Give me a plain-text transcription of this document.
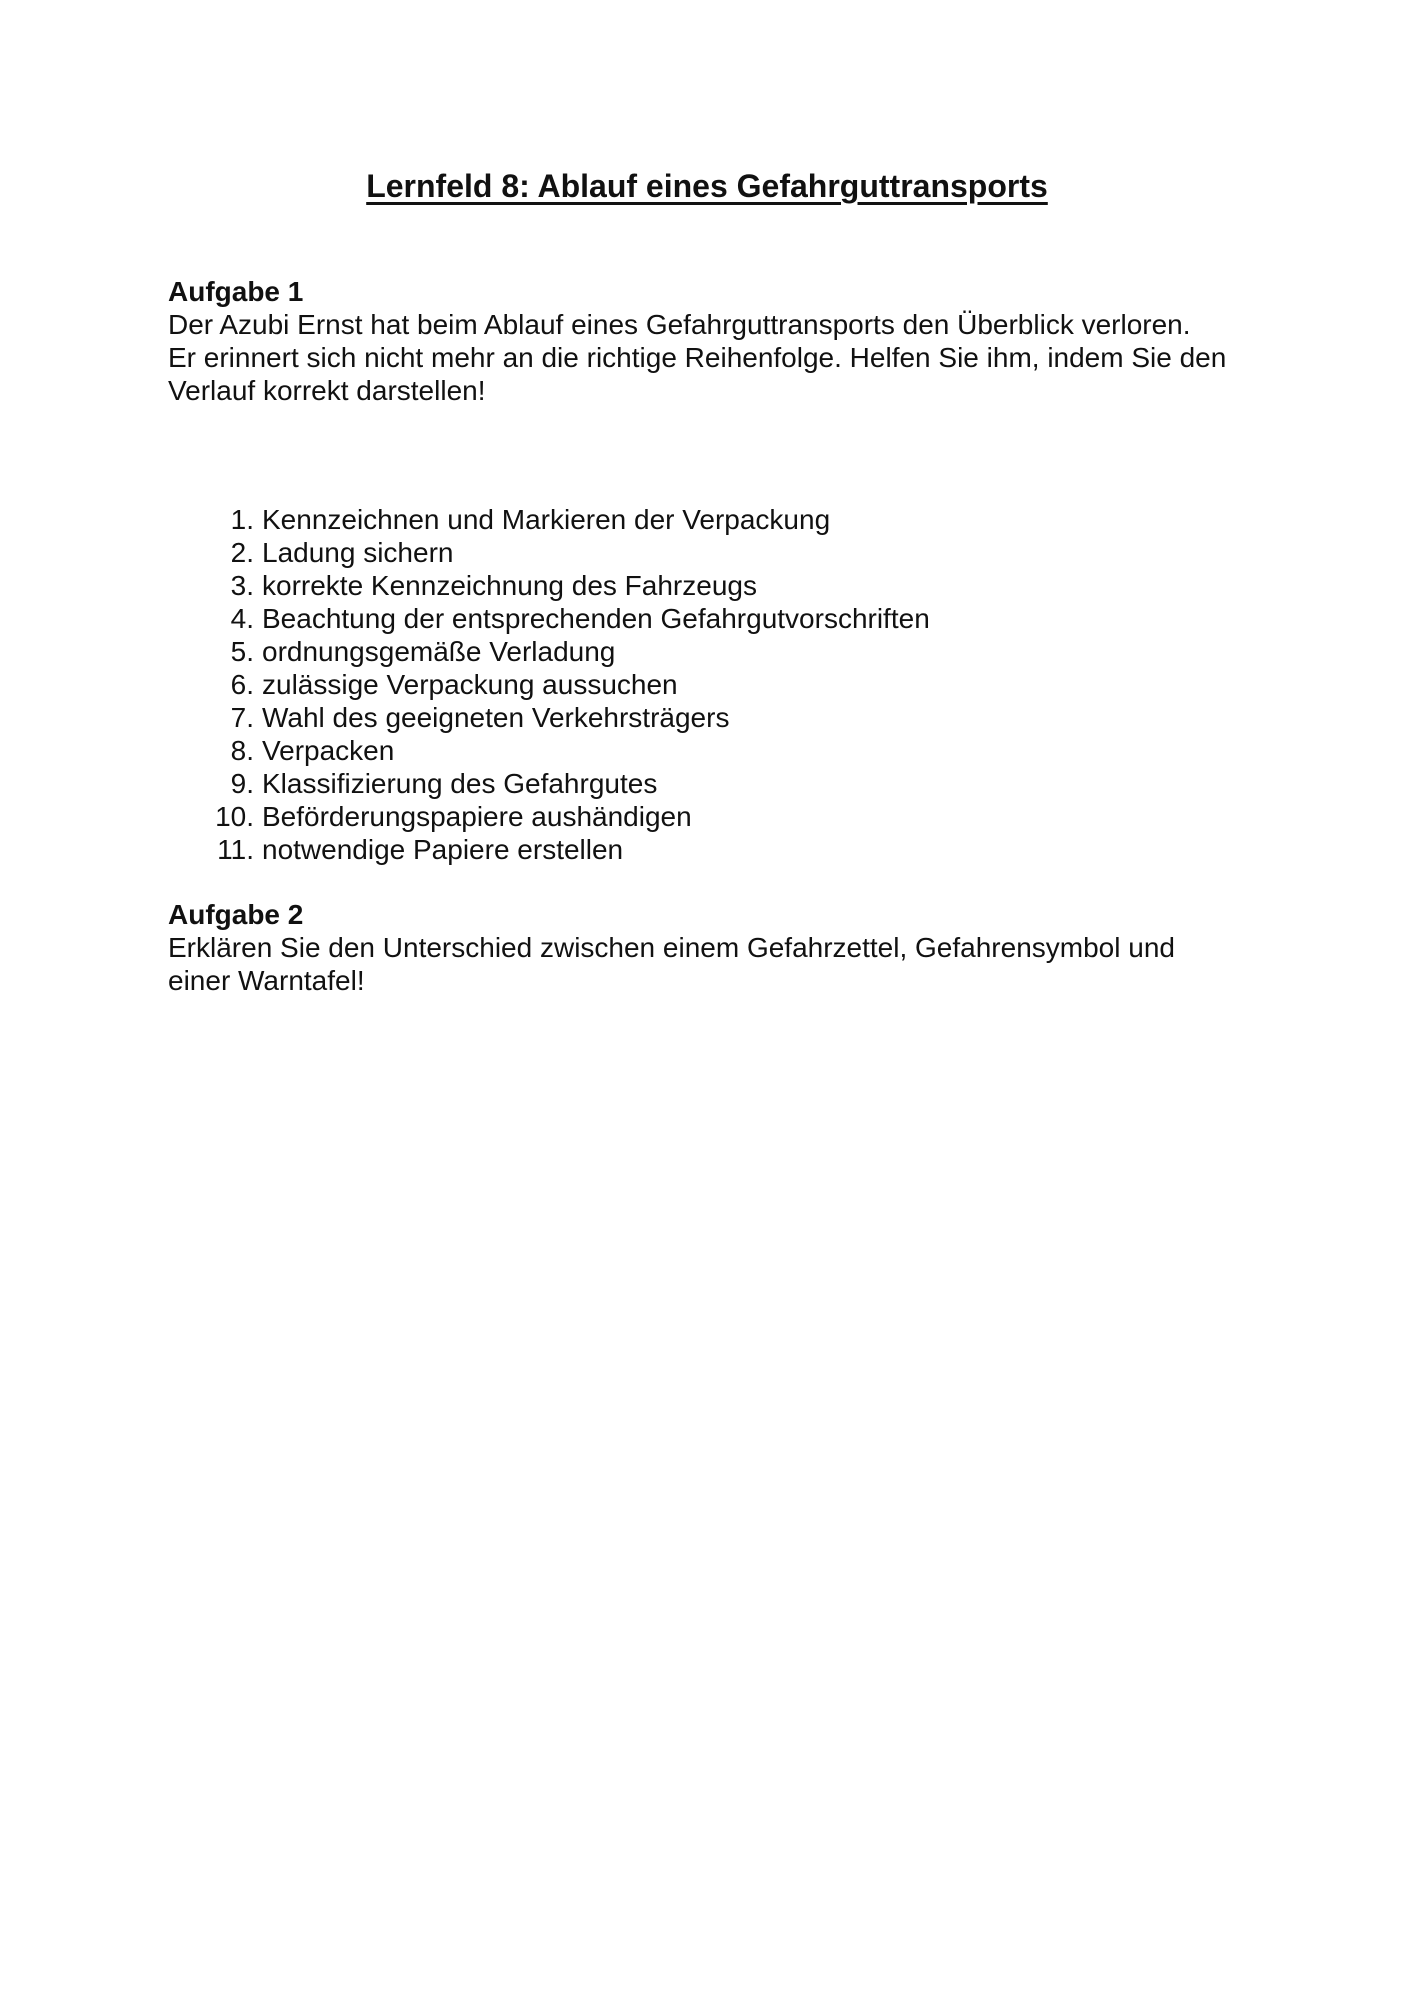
Lernfeld 8: Ablauf eines Gefahrguttransports
Aufgabe 1

Der Azubi Ernst hat beim Ablauf eines Gefahrguttransports den Überblick verloren.
Er erinnert sich nicht mehr an die richtige Reihenfolge. Helfen Sie ihm, indem Sie den
Verlauf korrekt darstellen!

1. Kennzeichnen und Markieren der Verpackung
2. Ladung sichern
3. korrekte Kennzeichnung des Fahrzeugs
4. Beachtung der entsprechenden Gefahrgutvorschriften
5. ordnungsgemäße Verladung
6. zulässige Verpackung aussuchen
7. Wahl des geeigneten Verkehrsträgers
8. Verpacken
9. Klassifizierung des Gefahrgutes
10. Beförderungspapiere aushändigen
11. notwendige Papiere erstellen
Aufgabe 2

Erklären Sie den Unterschied zwischen einem Gefahrzettel, Gefahrensymbol und
einer Warntafel!
